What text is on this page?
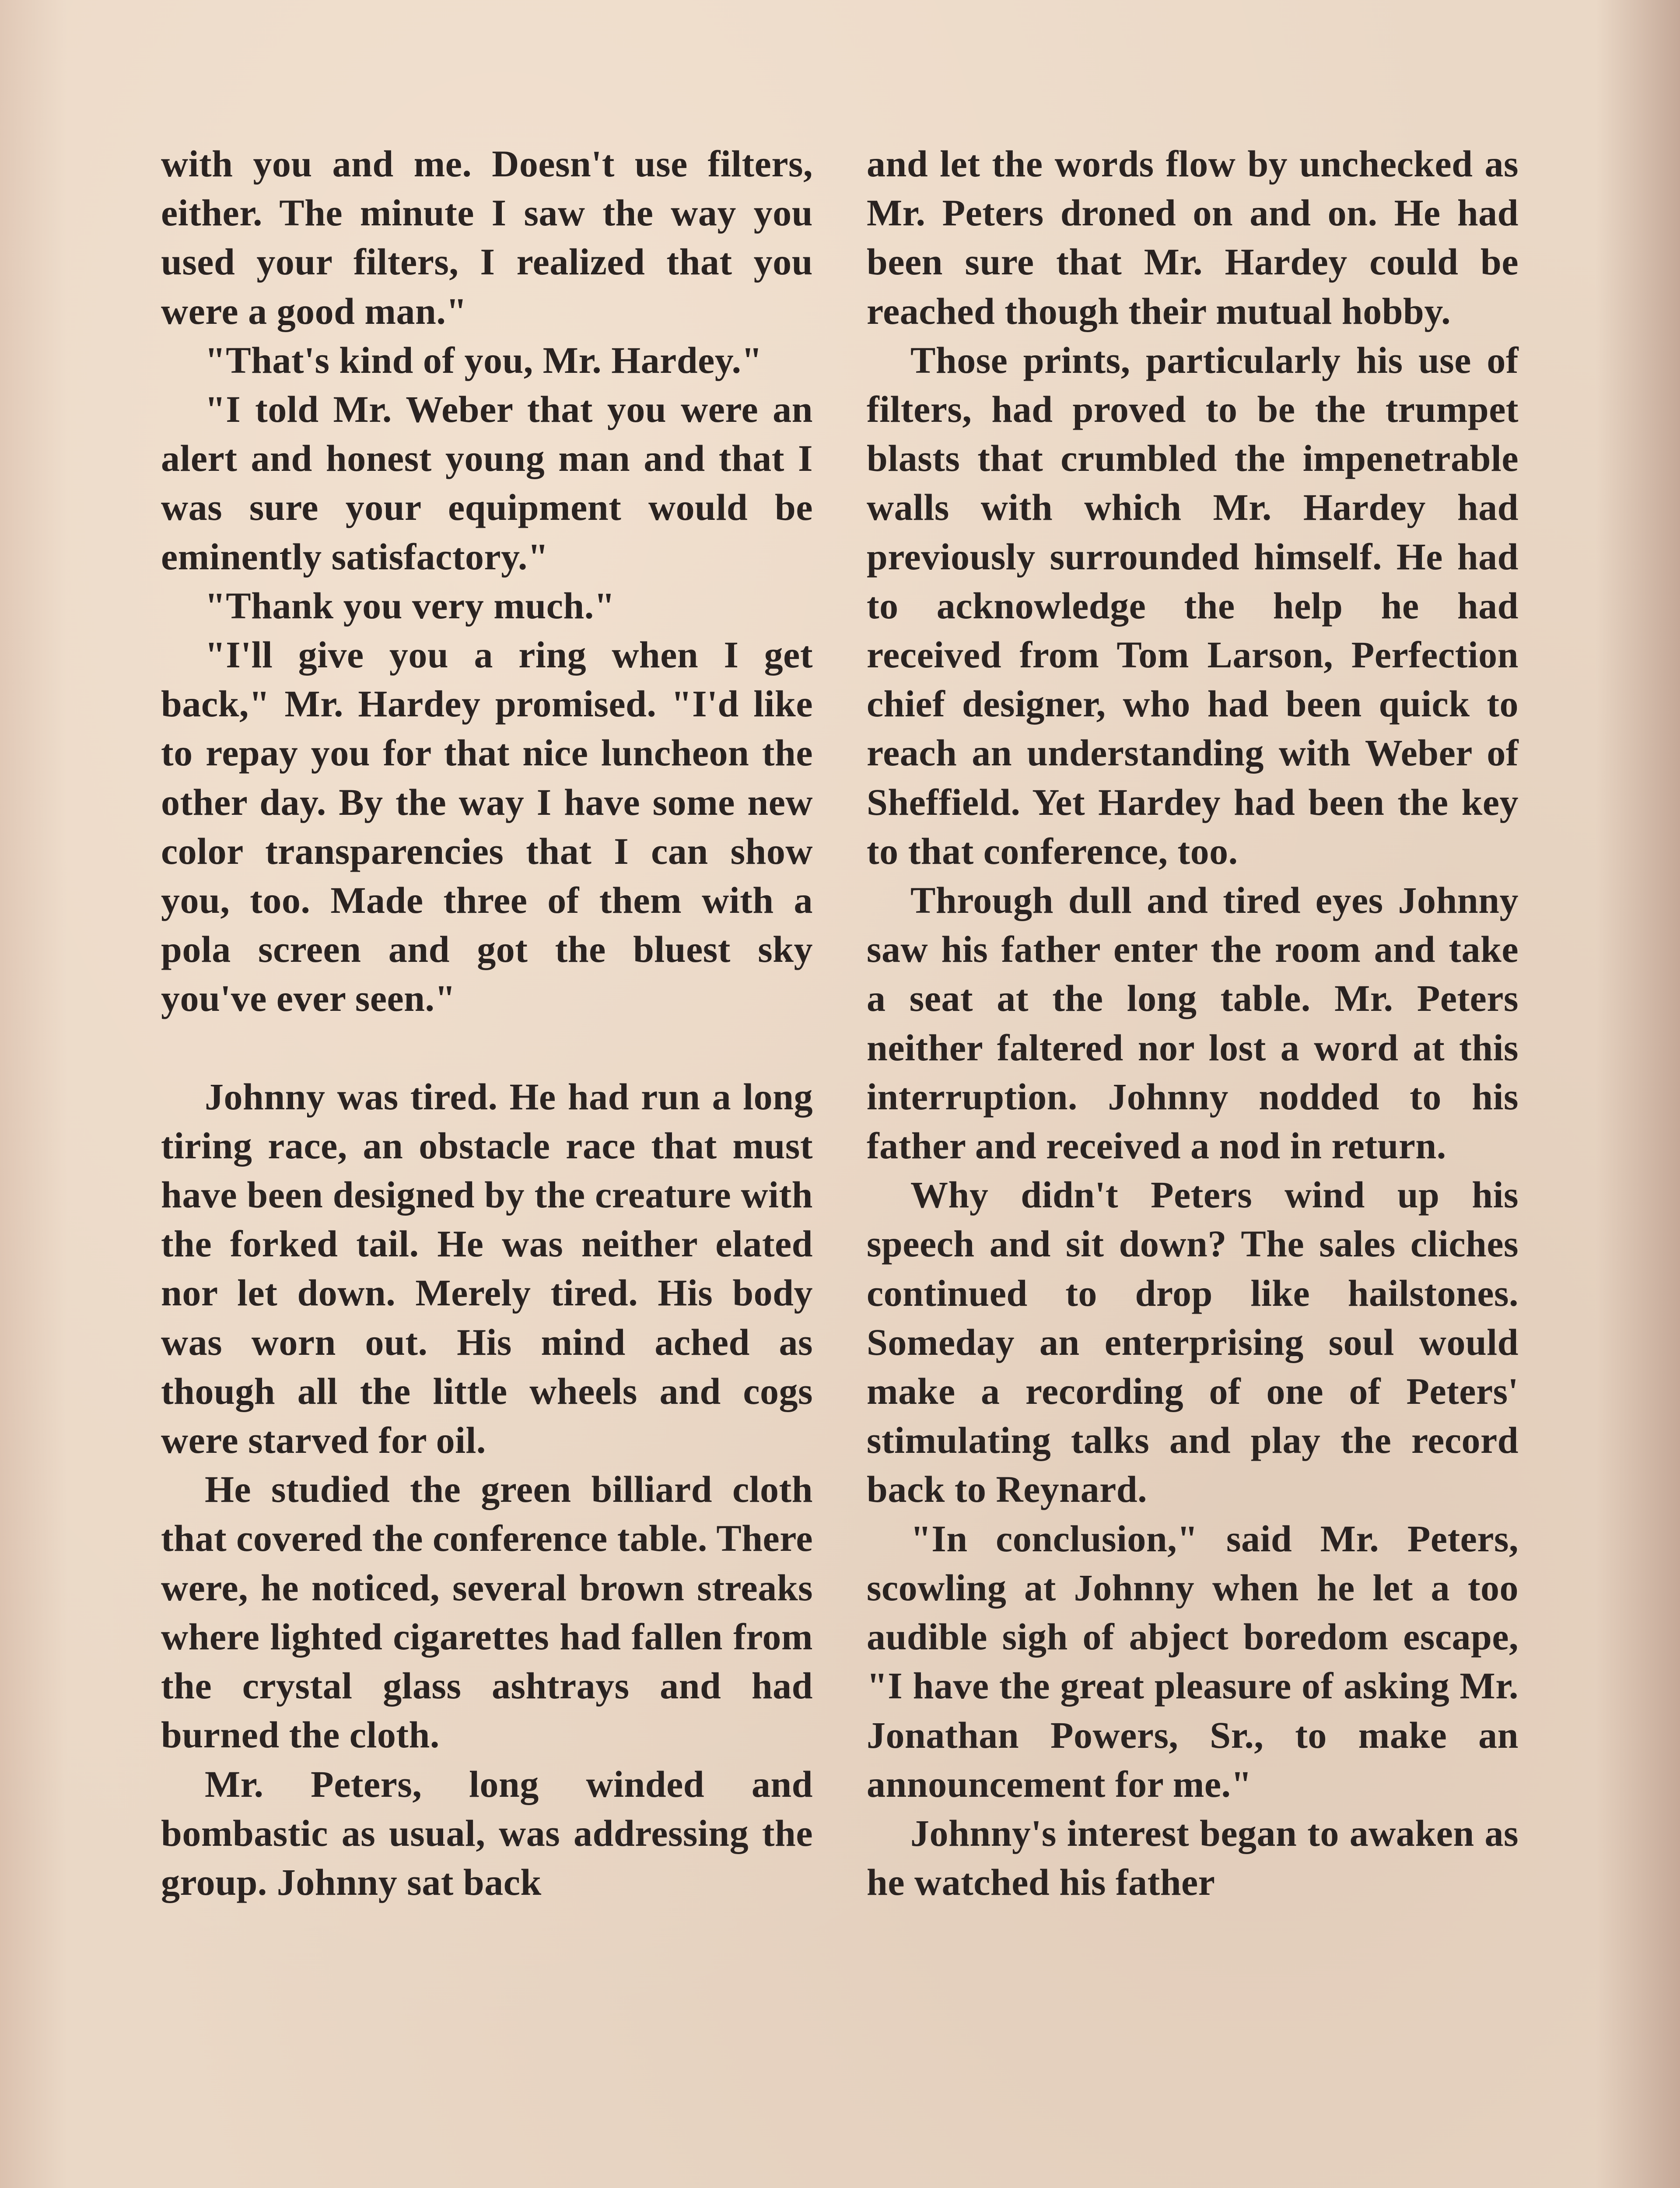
with you and me. Doesn't use filters, either. The minute I saw the way you used your filters, I realized that you were a good man."

"That's kind of you, Mr. Hardey."

"I told Mr. Weber that you were an alert and honest young man and that I was sure your equipment would be eminently satisfactory."

"Thank you very much."

"I'll give you a ring when I get back," Mr. Hardey promised. "I'd like to repay you for that nice luncheon the other day. By the way I have some new color transparencies that I can show you, too. Made three of them with a pola screen and got the bluest sky you've ever seen."

Johnny was tired. He had run a long tiring race, an obstacle race that must have been designed by the creature with the forked tail. He was neither elated nor let down. Merely tired. His body was worn out. His mind ached as though all the little wheels and cogs were starved for oil.

He studied the green billiard cloth that covered the conference table. There were, he noticed, several brown streaks where lighted cigarettes had fallen from the crystal glass ashtrays and had burned the cloth.

Mr. Peters, long winded and bombastic as usual, was addressing the group. Johnny sat back

and let the words flow by unchecked as Mr. Peters droned on and on. He had been sure that Mr. Hardey could be reached though their mutual hobby.

Those prints, particularly his use of filters, had proved to be the trumpet blasts that crumbled the impenetrable walls with which Mr. Hardey had previously surrounded himself. He had to acknowledge the help he had received from Tom Larson, Perfection chief designer, who had been quick to reach an understanding with Weber of Sheffield. Yet Hardey had been the key to that conference, too.

Through dull and tired eyes Johnny saw his father enter the room and take a seat at the long table. Mr. Peters neither faltered nor lost a word at this interruption. Johnny nodded to his father and received a nod in return.

Why didn't Peters wind up his speech and sit down? The sales cliches continued to drop like hailstones. Someday an enterprising soul would make a recording of one of Peters' stimulating talks and play the record back to Reynard.

"In conclusion," said Mr. Peters, scowling at Johnny when he let a too audible sigh of abject boredom escape, "I have the great pleasure of asking Mr. Jonathan Powers, Sr., to make an announcement for me."

Johnny's interest began to awaken as he watched his father
